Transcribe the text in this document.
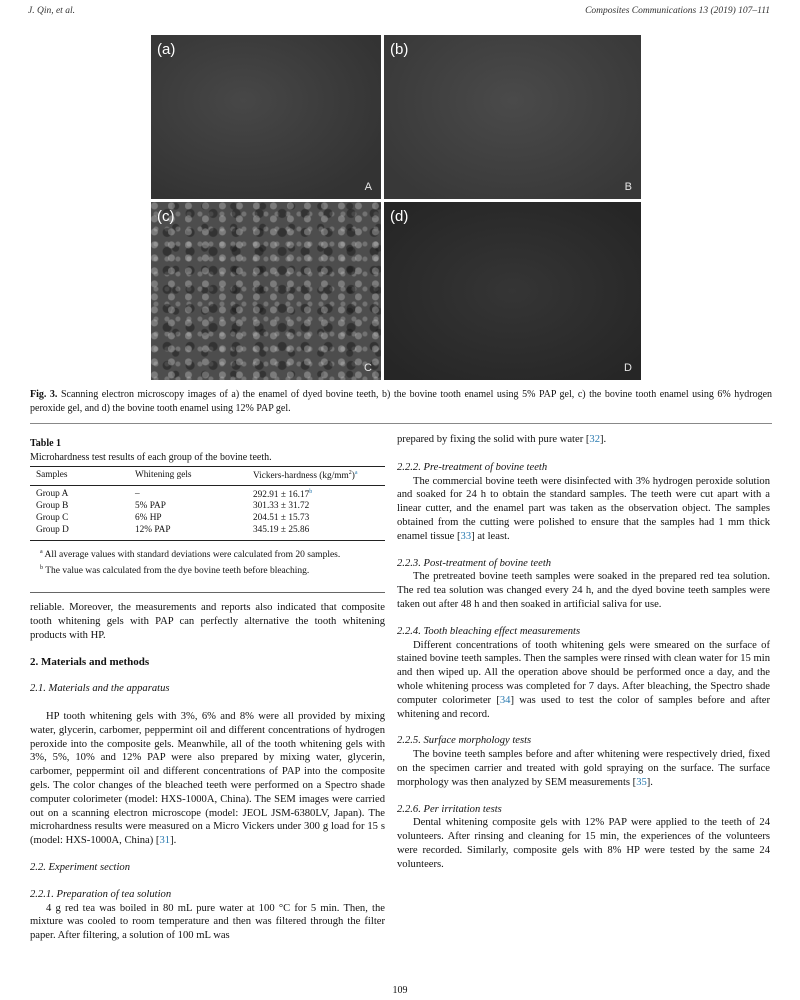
J. Qin, et al.	Composites Communications 13 (2019) 107–111
(a)
A
(b)
B
(c)
C
(d)
D
Fig. 3. Scanning electron microscopy images of a) the enamel of dyed bovine teeth, b) the bovine tooth enamel using 5% PAP gel, c) the bovine tooth enamel using 6% hydrogen peroxide gel, and d) the bovine tooth enamel using 12% PAP gel.
Table 1
Microhardness test results of each group of the bovine teeth.
Samples	Whitening gels	Vickers-hardness $(kg/mm^2)^a$
Group A	–	292.91 ± 16.17$^b$
Group B	5% PAP	301.33 ± 31.72
Group C	6% HP	204.51 ± 15.73
Group D	12% PAP	345.19 ± 25.86

$^a$ All average values with standard deviations were calculated from 20 samples.

$^b$ The value was calculated from the dye bovine teeth before bleaching.

reliable. Moreover, the measurements and reports also indicated that composite tooth whitening gels with PAP can perfectly alternative the tooth whitening products with HP.

2. Materials and methods

2.1. Materials and the apparatus

HP tooth whitening gels with 3%, 6% and 8% were all provided by mixing water, glycerin, carbomer, peppermint oil and different concentrations of hydrogen peroxide into the composite gels. Meanwhile, all of the tooth whitening gels with 3%, 5%, 10% and 12% PAP were also prepared by mixing water, glycerin, carbomer, peppermint oil and different concentrations of PAP into the composite gels. The color changes of the bleached teeth were performed on a Spectro shade computer colorimeter (model: HXS-1000A, China). The SEM images were carried out on a scanning electron microscope (model: JEOL JSM-6380LV, Japan). The microhardness results were measured on a Micro Vickers under 300 g load for 15 s (model: HXS-1000A, China) [31].

2.2. Experiment section

2.2.1. Preparation of tea solution

4 g red tea was boiled in 80 mL pure water at 100 °C for 5 min. Then, the mixture was cooled to room temperature and then was filtered through the filter paper. After filtering, a solution of 100 mL was

prepared by fixing the solid with pure water [32].

2.2.2. Pre-treatment of bovine teeth

The commercial bovine teeth were disinfected with 3% hydrogen peroxide solution and soaked for 24 h to obtain the standard samples. The teeth were cut apart with a linear cutter, and the enamel part was taken as the observation object. The samples obtained from the cutting were polished to ensure that the samples had 1 mm thick enamel tissue [33] at least.

2.2.3. Post-treatment of bovine teeth

The pretreated bovine teeth samples were soaked in the prepared red tea solution. The red tea solution was changed every 24 h, and the dyed bovine teeth samples were taken out after 48 h and then soaked in artificial saliva for use.

2.2.4. Tooth bleaching effect measurements

Different concentrations of tooth whitening gels were smeared on the surface of stained bovine teeth samples. Then the samples were rinsed with clean water for 15 min and then wiped up. All the operation above should be performed once a day, and the whole whitening process was completed for 7 days. After bleaching, the Spectro shade computer colorimeter [34] was used to test the color of samples before and after whitening and record.

2.2.5. Surface morphology tests

The bovine teeth samples before and after whitening were respectively dried, fixed on the specimen carrier and treated with gold spraying on the surface. The surface morphology was then analyzed by SEM measurements [35].

2.2.6. Per irritation tests

Dental whitening composite gels with 12% PAP were applied to the teeth of 24 volunteers. After rinsing and cleaning for 15 min, the experiences of the volunteers were recorded. Similarly, composite gels with 8% HP were tested by the same 24 volunteers.

109
